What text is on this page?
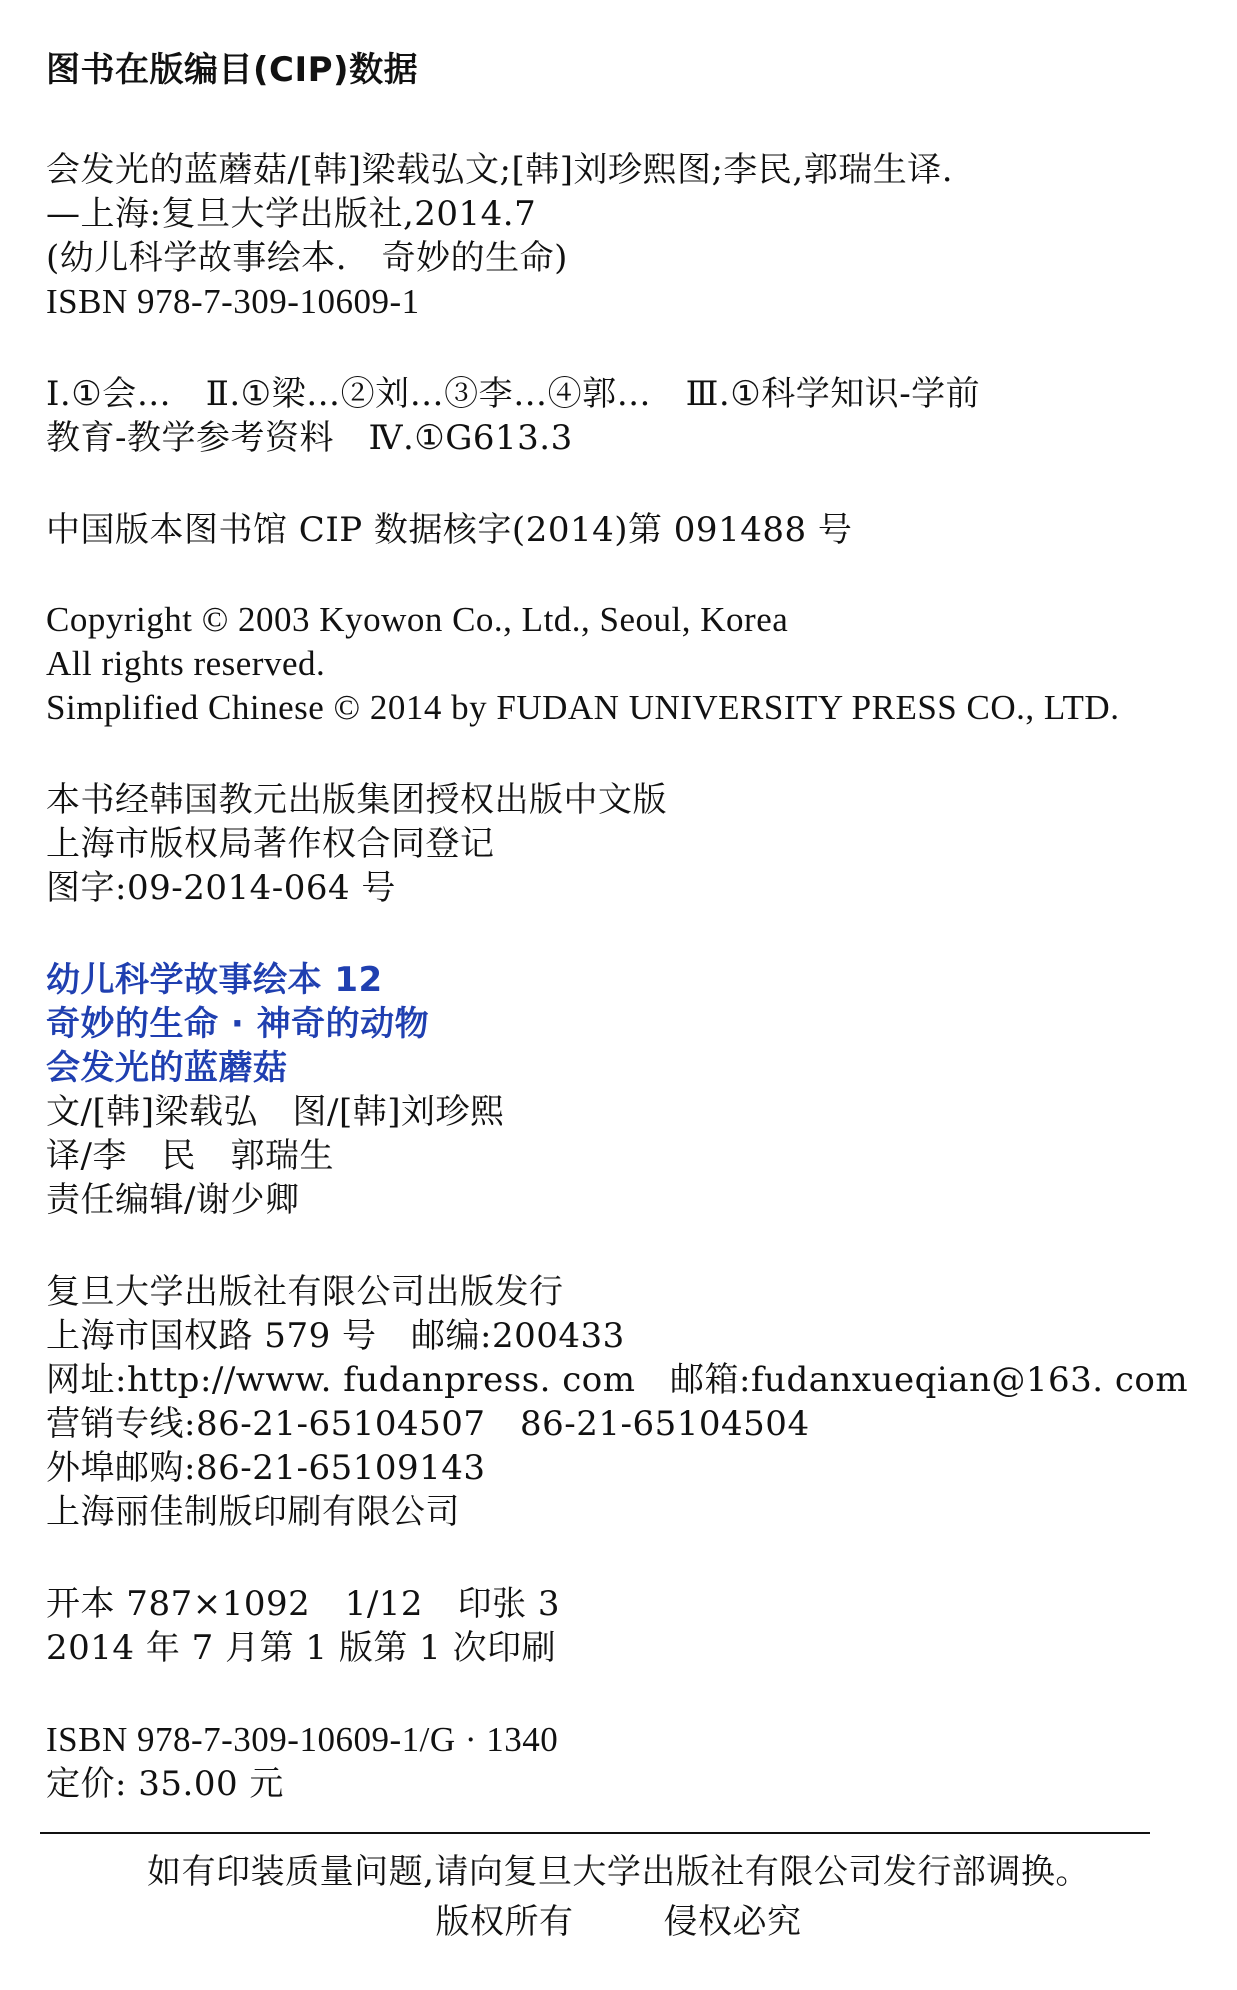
图书在版编目(CIP)数据
会发光的蓝蘑菇/[韩]梁载弘文;[韩]刘珍熙图;李民,郭瑞生译.
—上海:复旦大学出版社,2014.7
(幼儿科学故事绘本.　奇妙的生命)
ISBN 978-7-309-10609-1
Ⅰ.①会…　Ⅱ.①梁…②刘…③李…④郭…　Ⅲ.①科学知识-学前
教育-教学参考资料　Ⅳ.①G613.3
中国版本图书馆 CIP 数据核字(2014)第 091488 号
Copyright © 2003 Kyowon Co., Ltd., Seoul, Korea
All rights reserved.
Simplified Chinese © 2014 by FUDAN UNIVERSITY PRESS CO., LTD.
本书经韩国教元出版集团授权出版中文版
上海市版权局著作权合同登记
图字:09-2014-064 号
幼儿科学故事绘本 12
奇妙的生命 · 神奇的动物
会发光的蓝蘑菇
文/[韩]梁载弘　图/[韩]刘珍熙
译/李　民　郭瑞生
责任编辑/谢少卿
复旦大学出版社有限公司出版发行
上海市国权路 579 号　邮编:200433
网址:http://www. fudanpress. com　邮箱:fudanxueqian@163. com
营销专线:86-21-65104507　86-21-65104504
外埠邮购:86-21-65109143
上海丽佳制版印刷有限公司
开本 787×1092　1/12　印张 3
2014 年 7 月第 1 版第 1 次印刷
ISBN 978-7-309-10609-1/G · 1340
定价: 35.00 元
如有印装质量问题,请向复旦大学出版社有限公司发行部调换。
版权所有	侵权必究
